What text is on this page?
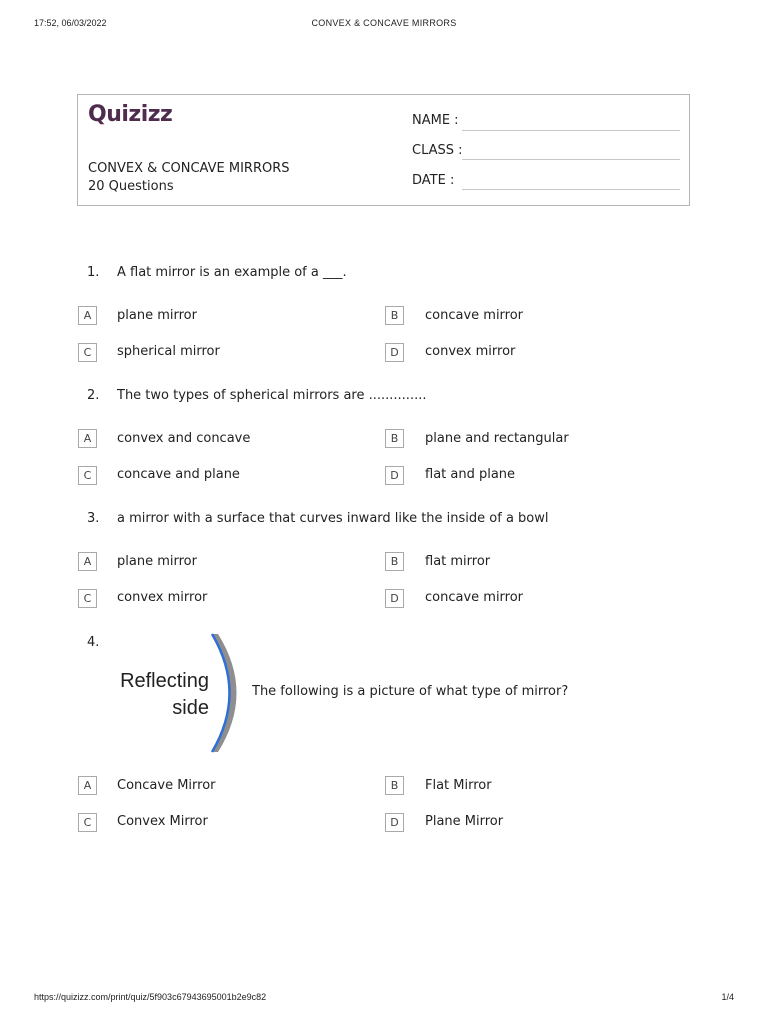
17:52, 06/03/2022	CONVEX & CONCAVE MIRRORS
Quizizz
CONVEX & CONCAVE MIRRORS
20 Questions
NAME :
CLASS :
DATE :
1. A flat mirror is an example of a ___.
A	plane mirror	B	concave mirror
C	spherical mirror	D	convex mirror
2. The two types of spherical mirrors are ..............
A	convex and concave	B	plane and rectangular
C	concave and plane	D	flat and plane
3. a mirror with a surface that curves inward like the inside of a bowl
A	plane mirror	B	flat mirror
C	convex mirror	D	concave mirror
4.
Reflecting
side
The following is a picture of what type of mirror?
A	Concave Mirror	B	Flat Mirror
C	Convex Mirror	D	Plane Mirror
https://quizizz.com/print/quiz/5f903c67943695001b2e9c82	1/4
